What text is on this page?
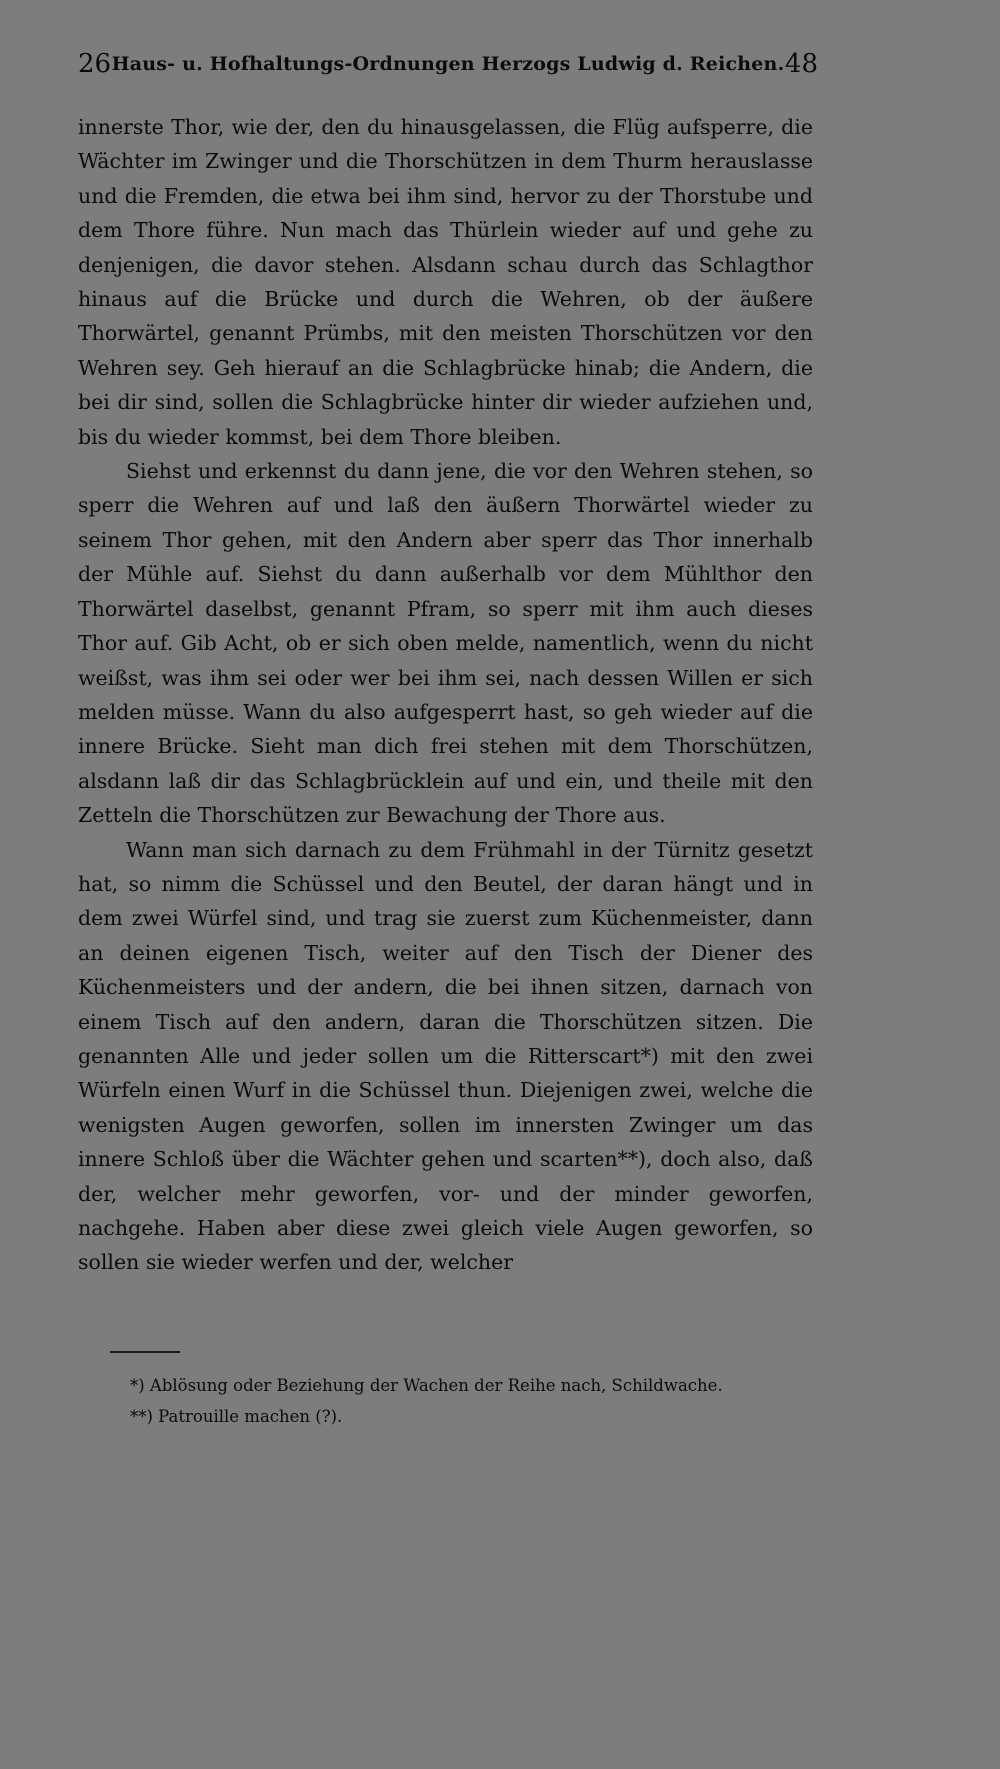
26 Haus- u. Hofhaltungs-Ordnungen Herzogs Ludwig d. Reichen. 48

innerste Thor, wie der, den du hinausgelassen, die Flüg aufsperre, die Wächter im Zwinger und die Thorschützen in dem Thurm herauslasse und die Fremden, die etwa bei ihm sind, hervor zu der Thorstube und dem Thore führe. Nun mach das Thürlein wieder auf und gehe zu denjenigen, die davor stehen. Alsdann schau durch das Schlagthor hinaus auf die Brücke und durch die Wehren, ob der äußere Thorwärtel, genannt Prümbs, mit den meisten Thorschützen vor den Wehren sey. Geh hierauf an die Schlagbrücke hinab; die Andern, die bei dir sind, sollen die Schlagbrücke hinter dir wieder aufziehen und, bis du wieder kommst, bei dem Thore bleiben.

Siehst und erkennst du dann jene, die vor den Wehren stehen, so sperr die Wehren auf und laß den äußern Thorwärtel wieder zu seinem Thor gehen, mit den Andern aber sperr das Thor innerhalb der Mühle auf. Siehst du dann außerhalb vor dem Mühlthor den Thorwärtel daselbst, genannt Pfram, so sperr mit ihm auch dieses Thor auf. Gib Acht, ob er sich oben melde, namentlich, wenn du nicht weißst, was ihm sei oder wer bei ihm sei, nach dessen Willen er sich melden müsse. Wann du also aufgesperrt hast, so geh wieder auf die innere Brücke. Sieht man dich frei stehen mit dem Thorschützen, alsdann laß dir das Schlagbrücklein auf und ein, und theile mit den Zetteln die Thorschützen zur Bewachung der Thore aus.

Wann man sich darnach zu dem Frühmahl in der Türnitz gesetzt hat, so nimm die Schüssel und den Beutel, der daran hängt und in dem zwei Würfel sind, und trag sie zuerst zum Küchenmeister, dann an deinen eigenen Tisch, weiter auf den Tisch der Diener des Küchenmeisters und der andern, die bei ihnen sitzen, darnach von einem Tisch auf den andern, daran die Thorschützen sitzen. Die genannten Alle und jeder sollen um die Ritterscart*) mit den zwei Würfeln einen Wurf in die Schüssel thun. Diejenigen zwei, welche die wenigsten Augen geworfen, sollen im innersten Zwinger um das innere Schloß über die Wächter gehen und scarten**), doch also, daß der, welcher mehr geworfen, vor- und der minder geworfen, nachgehe. Haben aber diese zwei gleich viele Augen geworfen, so sollen sie wieder werfen und der, welcher

*) Ablösung oder Beziehung der Wachen der Reihe nach, Schildwache.
**) Patrouille machen (?).
